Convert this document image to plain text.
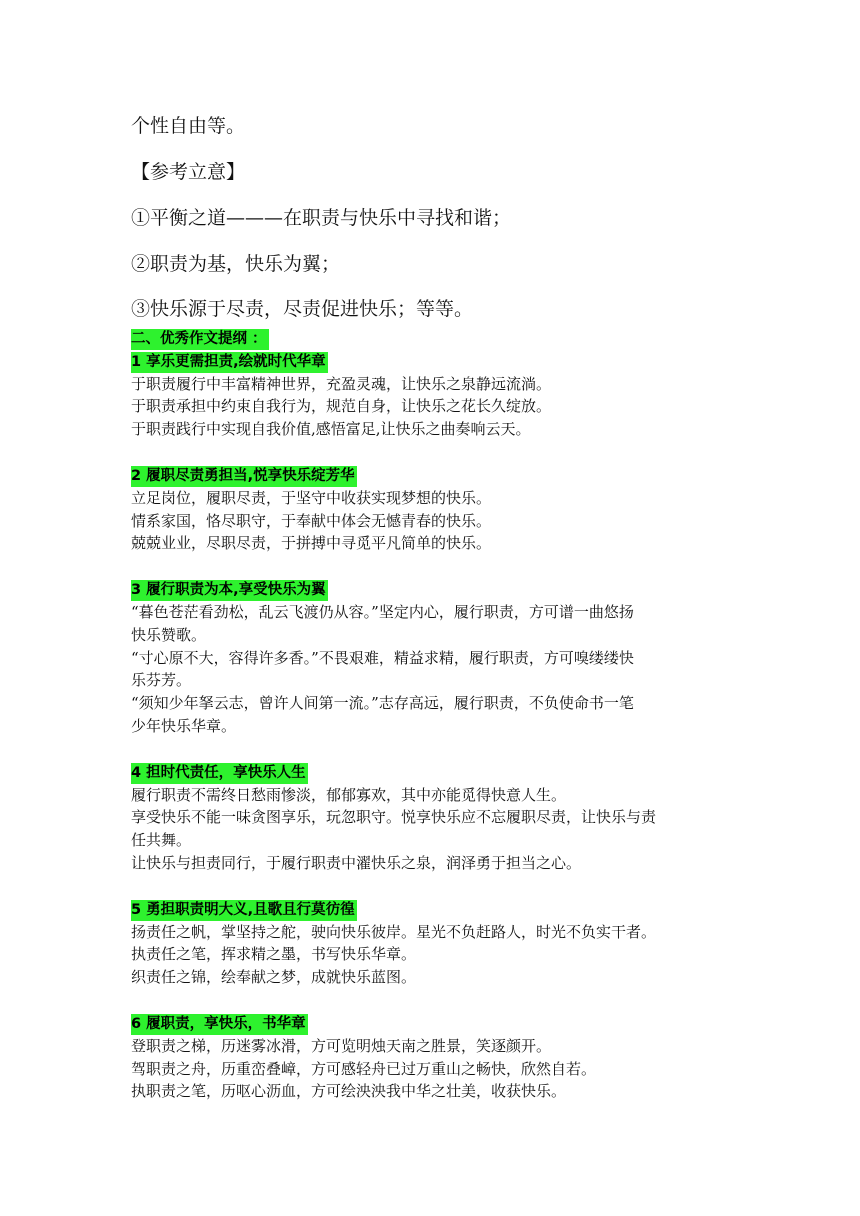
个性自由等。

【参考立意】

①平衡之道———在职责与快乐中寻找和谐；

②职责为基，快乐为翼；

③快乐源于尽责，尽责促进快乐；等等。

二、优秀作文提纲 ：
1 享乐更需担责,绘就时代华章

于职责履行中丰富精神世界，充盈灵魂，让快乐之泉静远流淌。

于职责承担中约束自我行为，规范自身，让快乐之花长久绽放。

于职责践行中实现自我价值,感悟富足,让快乐之曲奏响云天。

2 履职尽责勇担当,悦享快乐绽芳华

立足岗位，履职尽责，于坚守中收获实现梦想的快乐。

情系家国，恪尽职守，于奉献中体会无憾青春的快乐。

兢兢业业，尽职尽责，于拼搏中寻觅平凡简单的快乐。

3 履行职责为本,享受快乐为翼

“暮色苍茫看劲松，乱云飞渡仍从容。”坚定内心，履行职责，方可谱一曲悠扬

快乐赞歌。

“寸心原不大，容得许多香。”不畏艰难，精益求精，履行职责，方可嗅缕缕快

乐芬芳。

“须知少年拏云志，曾许人间第一流。”志存高远，履行职责，不负使命书一笔

少年快乐华章。

4 担时代责任，享快乐人生

履行职责不需终日愁雨惨淡，郁郁寡欢，其中亦能觅得快意人生。

享受快乐不能一味贪图享乐，玩忽职守。悦享快乐应不忘履职尽责，让快乐与责

任共舞。

让快乐与担责同行，于履行职责中濯快乐之泉，润泽勇于担当之心。

5 勇担职责明大义,且歌且行莫彷徨

扬责任之帆，掌坚持之舵，驶向快乐彼岸。星光不负赶路人，时光不负实干者。

执责任之笔，挥求精之墨，书写快乐华章。

织责任之锦，绘奉献之梦，成就快乐蓝图。

6 履职责，享快乐，书华章

登职责之梯，历迷雾冰滑，方可览明烛天南之胜景，笑逐颜开。

驾职责之舟，历重峦叠嶂，方可感轻舟已过万重山之畅快，欣然自若。

执职责之笔，历呕心沥血，方可绘泱泱我中华之壮美，收获快乐。
